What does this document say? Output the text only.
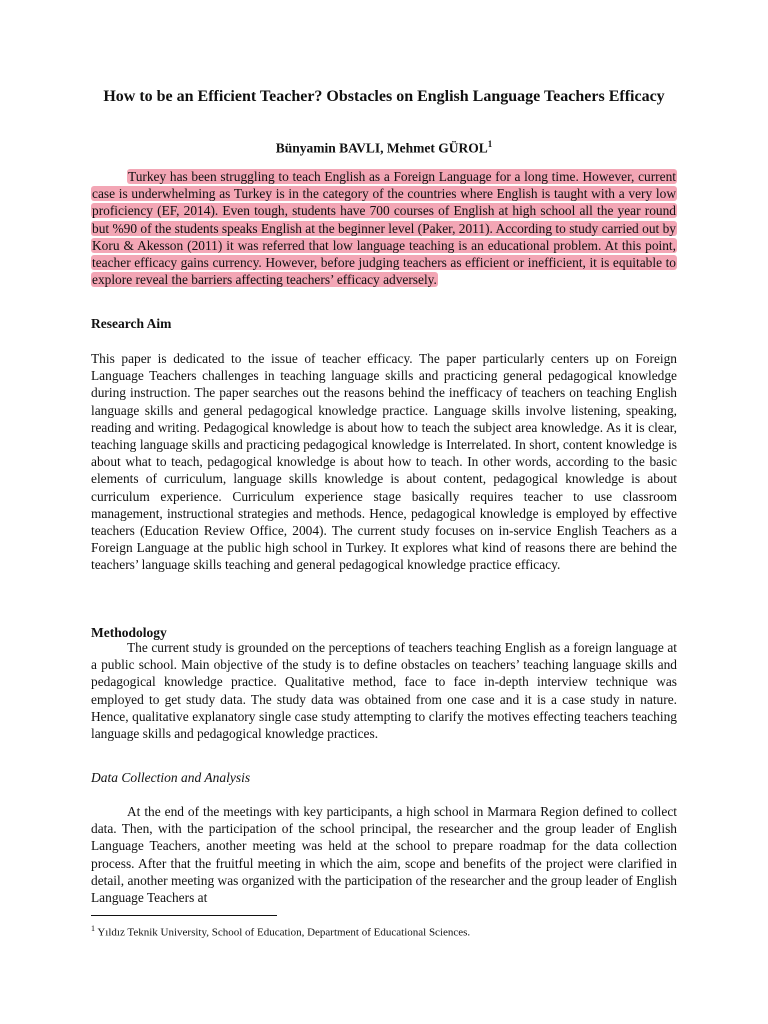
How to be an Efficient Teacher? Obstacles on English Language Teachers Efficacy
Bünyamin BAVLI, Mehmet GÜROL$^1$
Turkey has been struggling to teach English as a Foreign Language for a long time. However, current case is underwhelming as Turkey is in the category of the countries where English is taught with a very low proficiency (EF, 2014). Even tough, students have 700 courses of English at high school all the year round but %90 of the students speaks English at the beginner level (Paker, 2011). According to study carried out by Koru & Akesson (2011) it was referred that low language teaching is an educational problem. At this point, teacher efficacy gains currency. However, before judging teachers as efficient or inefficient, it is equitable to explore reveal the barriers affecting teachers’ efficacy adversely.
Research Aim
This paper is dedicated to the issue of teacher efficacy. The paper particularly centers up on Foreign Language Teachers challenges in teaching language skills and practicing general pedagogical knowledge during instruction. The paper searches out the reasons behind the inefficacy of teachers on teaching English language skills and general pedagogical knowledge practice. Language skills involve listening, speaking, reading and writing. Pedagogical knowledge is about how to teach the subject area knowledge. As it is clear, teaching language skills and practicing pedagogical knowledge is Interrelated. In short, content knowledge is about what to teach, pedagogical knowledge is about how to teach. In other words, according to the basic elements of curriculum, language skills knowledge is about content, pedagogical knowledge is about curriculum experience. Curriculum experience stage basically requires teacher to use classroom management, instructional strategies and methods. Hence, pedagogical knowledge is employed by effective teachers (Education Review Office, 2004). The current study focuses on in-service English Teachers as a Foreign Language at the public high school in Turkey. It explores what kind of reasons there are behind the teachers’ language skills teaching and general pedagogical knowledge practice efficacy.
Methodology
The current study is grounded on the perceptions of teachers teaching English as a foreign language at a public school. Main objective of the study is to define obstacles on teachers’ teaching language skills and pedagogical knowledge practice. Qualitative method, face to face in-depth interview technique was employed to get study data. The study data was obtained from one case and it is a case study in nature. Hence, qualitative explanatory single case study attempting to clarify the motives effecting teachers teaching language skills and pedagogical knowledge practices.
Data Collection and Analysis
At the end of the meetings with key participants, a high school in Marmara Region defined to collect data. Then, with the participation of the school principal, the researcher and the group leader of English Language Teachers, another meeting was held at the school to prepare roadmap for the data collection process. After that the fruitful meeting in which the aim, scope and benefits of the project were clarified in detail, another meeting was organized with the participation of the researcher and the group leader of English Language Teachers at
$^1$ Yıldız Teknik University, School of Education, Department of Educational Sciences.
